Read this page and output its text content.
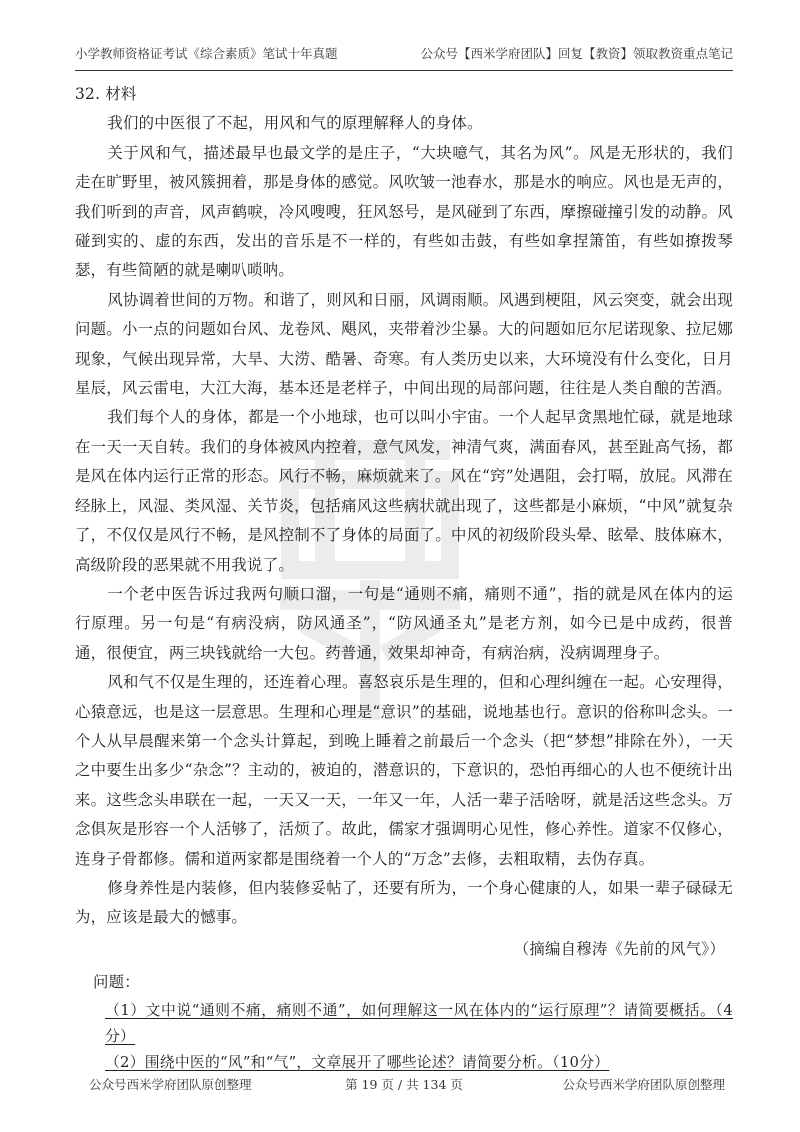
小学教师资格证考试《综合素质》笔试十年真题	公众号【西米学府团队】回复【教资】领取教资重点笔记

32. 材料

我们的中医很了不起，用风和气的原理解释人的身体。

关于风和气，描述最早也最文学的是庄子，“大块噫气，其名为风”。风是无形状的，我们走在旷野里，被风簇拥着，那是身体的感觉。风吹皱一池春水，那是水的响应。风也是无声的，我们听到的声音，风声鹤唳，冷风嗖嗖，狂风怒号，是风碰到了东西，摩擦碰撞引发的动静。风碰到实的、虚的东西，发出的音乐是不一样的，有些如击鼓，有些如拿捏箫笛，有些如撩拨琴瑟，有些简陋的就是喇叭唢呐。

风协调着世间的万物。和谐了，则风和日丽，风调雨顺。风遇到梗阻，风云突变，就会出现问题。小一点的问题如台风、龙卷风、飓风，夹带着沙尘暴。大的问题如厄尔尼诺现象、拉尼娜现象，气候出现异常，大旱、大涝、酷暑、奇寒。有人类历史以来，大环境没有什么变化，日月星辰，风云雷电，大江大海，基本还是老样子，中间出现的局部问题，往往是人类自酿的苦酒。

我们每个人的身体，都是一个小地球，也可以叫小宇宙。一个人起早贪黑地忙碌，就是地球在一天一天自转。我们的身体被风内控着，意气风发，神清气爽，满面春风，甚至趾高气扬，都是风在体内运行正常的形态。风行不畅，麻烦就来了。风在“窍”处遇阻，会打嗝，放屁。风滞在经脉上，风湿、类风湿、关节炎，包括痛风这些病状就出现了，这些都是小麻烦，“中风”就复杂了，不仅仅是风行不畅，是风控制不了身体的局面了。中风的初级阶段头晕、眩晕、肢体麻木，高级阶段的恶果就不用我说了。

一个老中医告诉过我两句顺口溜，一句是“通则不痛，痛则不通”，指的就是风在体内的运行原理。另一句是“有病没病，防风通圣”，“防风通圣丸”是老方剂，如今已是中成药，很普通，很便宜，两三块钱就给一大包。药普通，效果却神奇，有病治病，没病调理身子。

风和气不仅是生理的，还连着心理。喜怒哀乐是生理的，但和心理纠缠在一起。心安理得，心猿意远，也是这一层意思。生理和心理是“意识”的基础，说地基也行。意识的俗称叫念头。一个人从早晨醒来第一个念头计算起，到晚上睡着之前最后一个念头（把“梦想”排除在外），一天之中要生出多少“杂念”？主动的，被迫的，潜意识的，下意识的，恐怕再细心的人也不便统计出来。这些念头串联在一起，一天又一天，一年又一年，人活一辈子活啥呀，就是活这些念头。万念俱灰是形容一个人活够了，活烦了。故此，儒家才强调明心见性，修心养性。道家不仅修心，连身子骨都修。儒和道两家都是围绕着一个人的“万念”去修，去粗取精，去伪存真。

修身养性是内装修，但内装修妥帖了，还要有所为，一个身心健康的人，如果一辈子碌碌无为，应该是最大的憾事。

（摘编自穆涛《先前的风气》）

问题：

（1）文中说“通则不痛，痛则不通”，如何理解这一风在体内的“运行原理”？请简要概括。（4分）

（2）围绕中医的“风”和“气”，文章展开了哪些论述？请简要分析。（10分）

公众号西米学府团队原创整理	第 19 页 / 共 134 页	公众号西米学府团队原创整理
